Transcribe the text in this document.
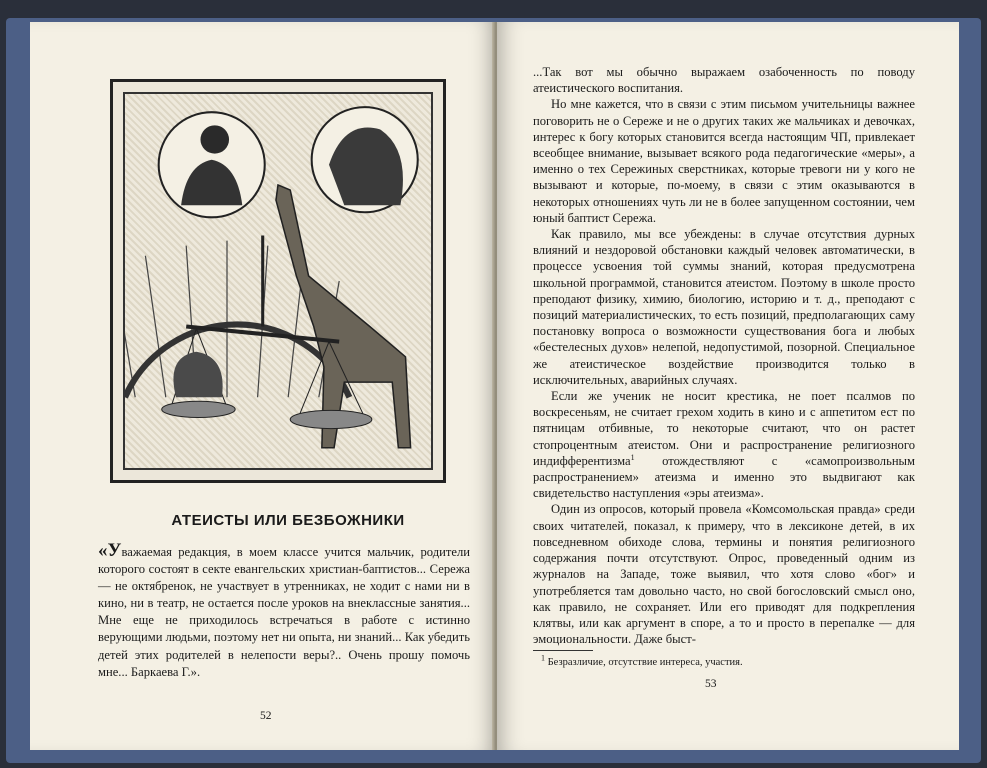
АТЕИСТЫ ИЛИ БЕЗБОЖНИКИ
«Уважаемая редакция, в моем классе учится мальчик, родители которого состоят в секте евангельских христиан-баптистов... Сережа — не октябренок, не участвует в утренниках, не ходит с нами ни в кино, ни в театр, не остается после уроков на внеклассные занятия... Мне еще не приходилось встречаться в работе с истинно верующими людьми, поэтому нет ни опыта, ни знаний... Как убедить детей этих родителей в нелепости веры?.. Очень прошу помочь мне... Баркаева Г.».
52

...Так вот мы обычно выражаем озабоченность по поводу атеистического воспитания.

Но мне кажется, что в связи с этим письмом учительницы важнее поговорить не о Сереже и не о других таких же мальчиках и девочках, интерес к богу которых становится всегда настоящим ЧП, привлекает всеобщее внимание, вызывает всякого рода педагогические «меры», а именно о тех Сережиных сверстниках, которые тревоги ни у кого не вызывают и которые, по-моему, в связи с этим оказываются в некоторых отношениях чуть ли не в более запущенном состоянии, чем юный баптист Сережа.

Как правило, мы все убеждены: в случае отсутствия дурных влияний и нездоровой обстановки каждый человек автоматически, в процессе усвоения той суммы знаний, которая предусмотрена школьной программой, становится атеистом. Поэтому в школе просто преподают физику, химию, биологию, историю и т. д., преподают с позиций материалистических, то есть позиций, предполагающих саму постановку вопроса о возможности существования бога и любых «бестелесных духов» нелепой, недопустимой, позорной. Специальное же атеистическое воздействие производится только в исключительных, аварийных случаях.

Если же ученик не носит крестика, не поет псалмов по воскресеньям, не считает грехом ходить в кино и с аппетитом ест по пятницам отбивные, то некоторые считают, что он растет стопроцентным атеистом. Они и распространение религиозного индифферентизма$^1$ отождествляют с «самопроизвольным распространением» атеизма и именно это выдвигают как свидетельство наступления «эры атеизма».

Один из опросов, который провела «Комсомольская правда» среди своих читателей, показал, к примеру, что в лексиконе детей, в их повседневном обиходе слова, термины и понятия религиозного содержания почти отсутствуют. Опрос, проведенный одним из журналов на Западе, тоже выявил, что хотя слово «бог» и употребляется там довольно часто, но свой богословский смысл оно, как правило, не сохраняет. Или его приводят для подкрепления клятвы, или как аргумент в споре, а то и просто в перепалке — для эмоциональности. Даже быст-

$^1$ Безразличие, отсутствие интереса, участия.
53
